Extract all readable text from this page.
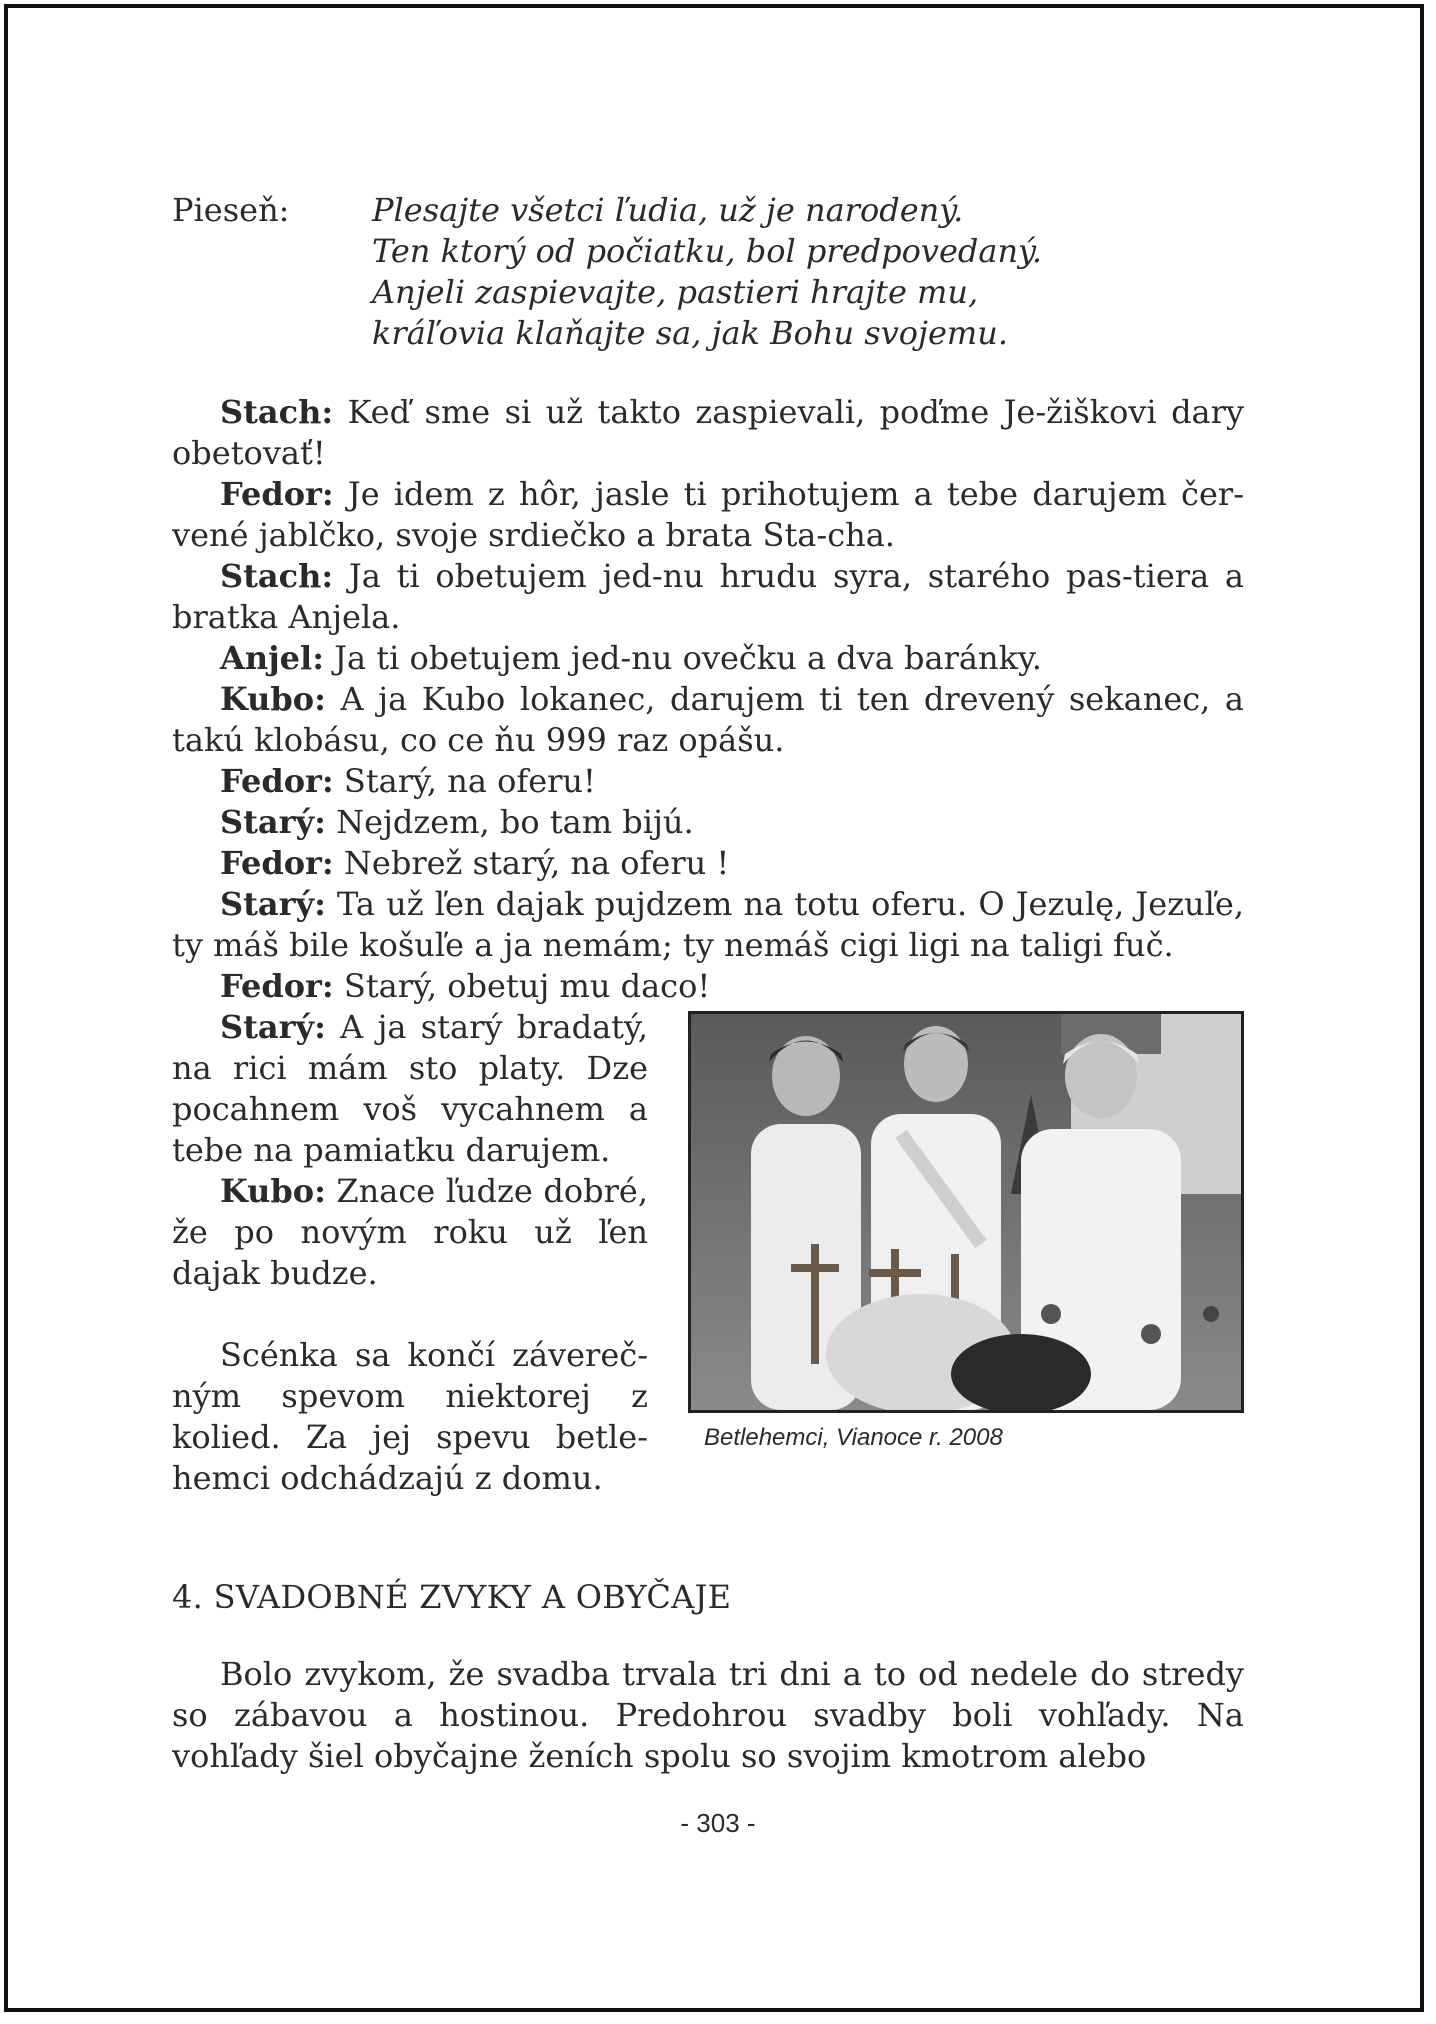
Pieseň:	Plesajte všetci ľudia, už je narodený.
Ten ktorý od počiatku, bol predpovedaný.
Anjeli zaspievajte, pastieri hrajte mu,
kráľovia klaňajte sa, jak Bohu svojemu.

Stach: Keď sme si už takto zaspievali, poďme Je-žiškovi dary obetovať!

Fedor: Je idem z hôr, jasle ti prihotujem a tebe darujem čer-vené jablčko, svoje srdiečko a brata Sta-cha.

Stach: Ja ti obetujem jed-nu hrudu syra, starého pas-tiera a bratka Anjela.

Anjel: Ja ti obetujem jed-nu ovečku a dva baránky.

Kubo: A ja Kubo lokanec, darujem ti ten drevený sekanec, a takú klobásu, co ce ňu 999 raz opášu.

Fedor: Starý, na oferu!

Starý: Nejdzem, bo tam bijú.

Fedor: Nebrež starý, na oferu !

Starý: Ta už ľen dajak pujdzem na totu oferu. O Jezulę, Jezuľe, ty máš bile košuľe a ja nemám; ty nemáš cigi ligi na taligi fuč.

Fedor: Starý, obetuj mu daco!

Betlehemci, Vianoce r. 2008

Starý: A ja starý bradatý, na rici mám sto platy. Dze pocahnem voš vycahnem a tebe na pamiatku darujem.

Kubo: Znace ľudze dobré, že po novým roku už ľen dajak budze.

Scénka sa končí závereč-ným spevom niektorej z kolied. Za jej spevu betle-hemci odchádzajú z domu.

4. SVADOBNÉ ZVYKY A OBYČAJE

Bolo zvykom, že svadba trvala tri dni a to od nedele do stredy so zábavou a hostinou. Predohrou svadby boli vohľady. Na vohľady šiel obyčajne ženích spolu so svojim kmotrom alebo

- 303 -
